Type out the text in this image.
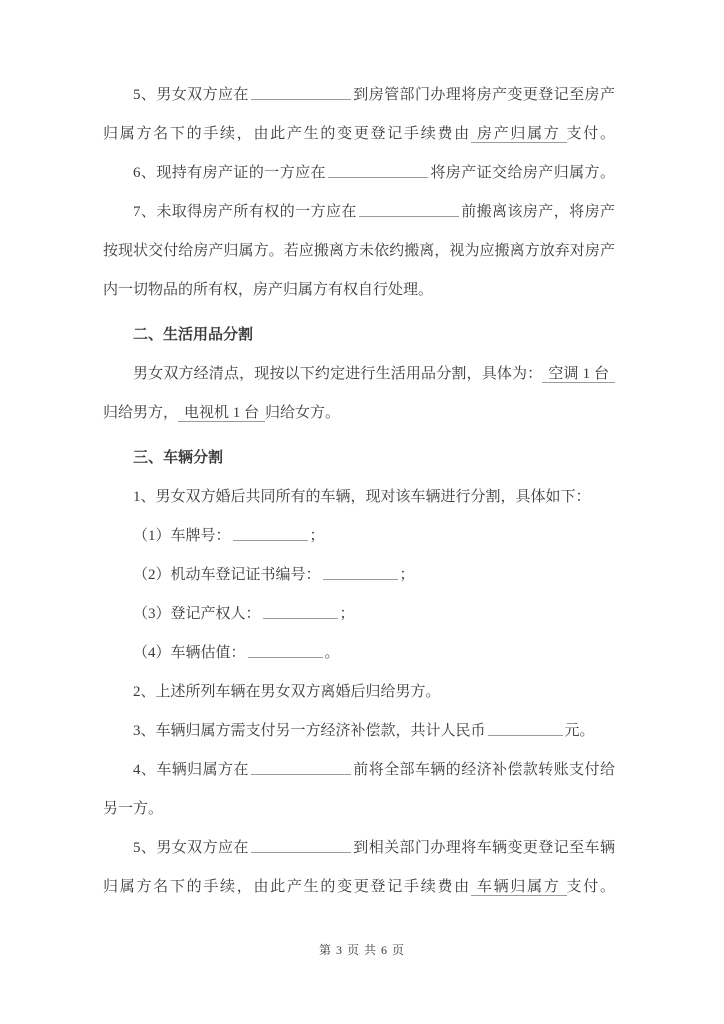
5、男女双方应在	到房管部门办理将房产变更登记至房产
归属方名下的手续，由此产生的变更登记手续费由 房产归属方 支付。
6、现持有房产证的一方应在	将房产证交给房产归属方。
7、未取得房产所有权的一方应在	前搬离该房产，将房产
按现状交付给房产归属方。若应搬离方未依约搬离，视为应搬离方放弃对房产
内一切物品的所有权，房产归属方有权自行处理。
二、生活用品分割
男女双方经清点，现按以下约定进行生活用品分割，具体为： 空调 1 台
归给男方， 电视机 1 台 归给女方。
三、车辆分割
1、男女双方婚后共同所有的车辆，现对该车辆进行分割，具体如下：
（1）车牌号：	；
（2）机动车登记证书编号：	；
（3）登记产权人：	；
（4）车辆估值：	。
2、上述所列车辆在男女双方离婚后归给男方。
3、车辆归属方需支付另一方经济补偿款，共计人民币	元。
4、车辆归属方在	前将全部车辆的经济补偿款转账支付给
另一方。
5、男女双方应在	到相关部门办理将车辆变更登记至车辆
归属方名下的手续，由此产生的变更登记手续费由 车辆归属方 支付。
第 3 页 共 6 页
